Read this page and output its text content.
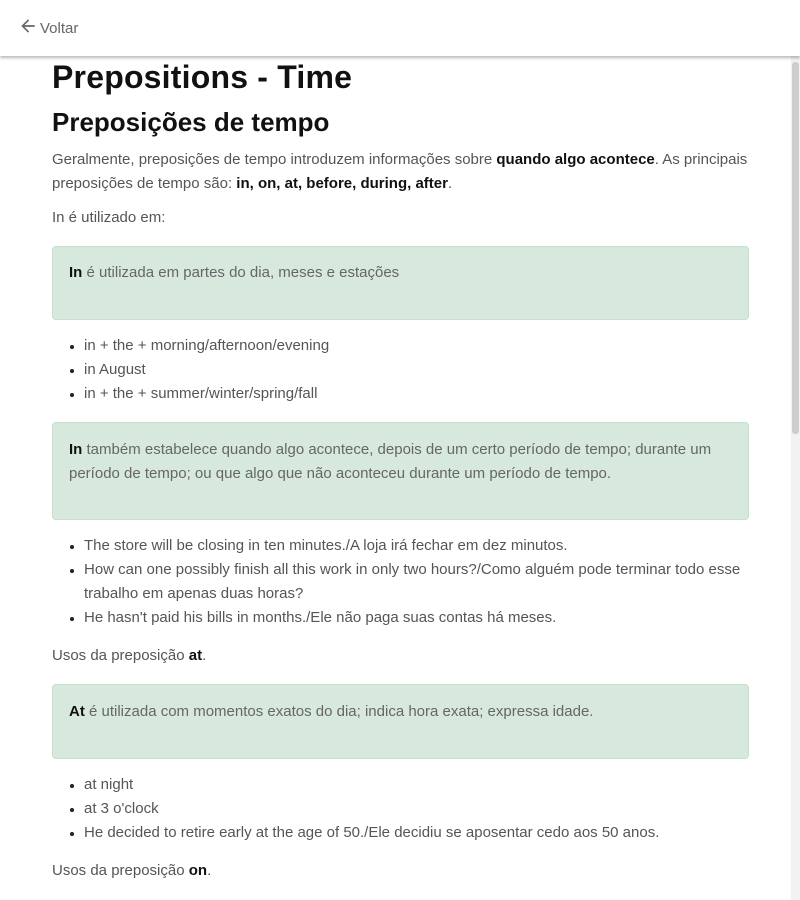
Voltar
Prepositions - Time
Preposições de tempo

Geralmente, preposições de tempo introduzem informações sobre quando algo acontece. As principais preposições de tempo são: in, on, at, before, during, after.

In é utilizado em:

In é utilizada em partes do dia, meses e estações
• in + the + morning/afternoon/evening
• in August
• in + the + summer/winter/spring/fall
In também estabelece quando algo acontece, depois de um certo período de tempo; durante um período de tempo; ou que algo que não aconteceu durante um período de tempo.
• The store will be closing in ten minutes./A loja irá fechar em dez minutos.
• How can one possibly finish all this work in only two hours?/Como alguém pode terminar todo esse trabalho em apenas duas horas?
• He hasn't paid his bills in months./Ele não paga suas contas há meses.

Usos da preposição at.

At é utilizada com momentos exatos do dia; indica hora exata; expressa idade.
• at night
• at 3 o'clock
• He decided to retire early at the age of 50./Ele decidiu se aposentar cedo aos 50 anos.

Usos da preposição on.
